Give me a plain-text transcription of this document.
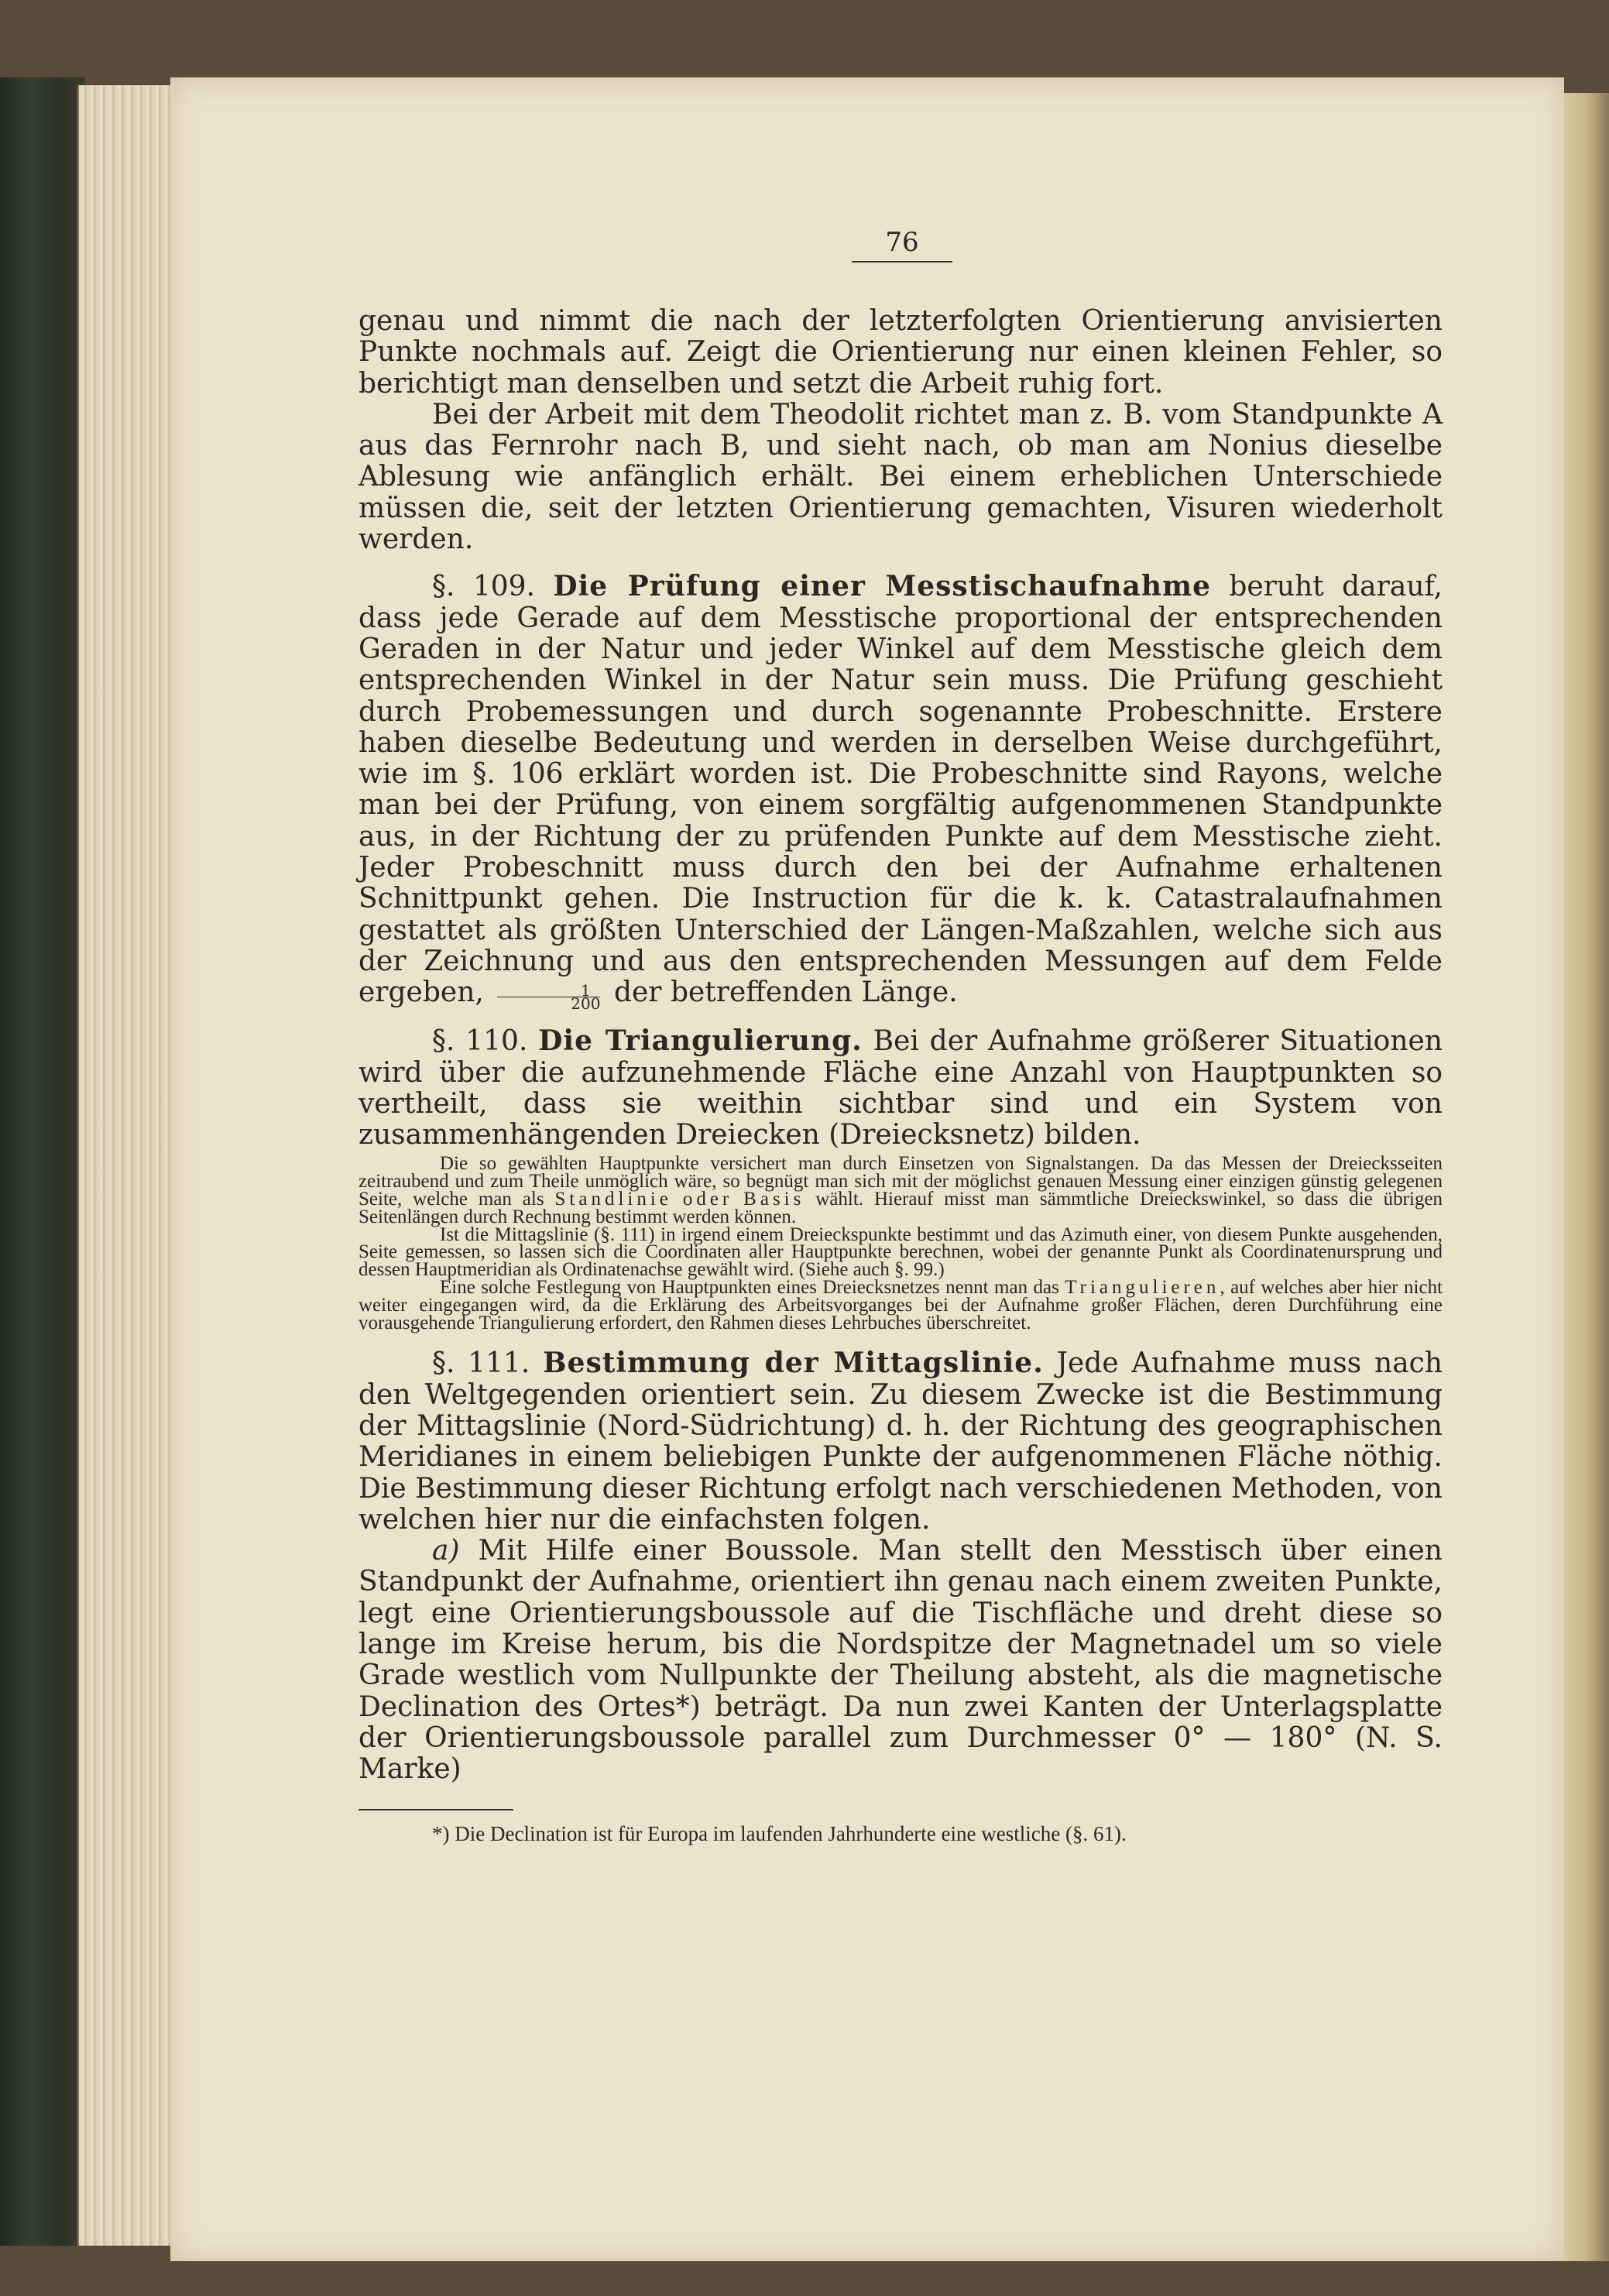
76

genau und nimmt die nach der letzterfolgten Orientierung anvisierten Punkte nochmals auf. Zeigt die Orientierung nur einen kleinen Fehler, so berichtigt man denselben und setzt die Arbeit ruhig fort.

Bei der Arbeit mit dem Theodolit richtet man z. B. vom Standpunkte A aus das Fernrohr nach B, und sieht nach, ob man am Nonius dieselbe Ablesung wie anfänglich erhält. Bei einem erheblichen Unterschiede müssen die, seit der letzten Orientierung gemachten, Visuren wiederholt werden.

§. 109. Die Prüfung einer Messtischaufnahme beruht darauf, dass jede Gerade auf dem Messtische proportional der entsprechenden Geraden in der Natur und jeder Winkel auf dem Messtische gleich dem entsprechenden Winkel in der Natur sein muss. Die Prüfung geschieht durch Probemessungen und durch sogenannte Probeschnitte. Erstere haben dieselbe Bedeutung und werden in derselben Weise durchgeführt, wie im §. 106 erklärt worden ist. Die Probeschnitte sind Rayons, welche man bei der Prüfung, von einem sorgfältig aufgenommenen Standpunkte aus, in der Richtung der zu prüfenden Punkte auf dem Messtische zieht. Jeder Probeschnitt muss durch den bei der Aufnahme erhaltenen Schnittpunkt gehen. Die Instruction für die k. k. Catastralaufnahmen gestattet als größten Unterschied der Längen-Maßzahlen, welche sich aus der Zeichnung und aus den entsprechenden Messungen auf dem Felde ergeben, $\frac{1}{200}$ der betreffenden Länge.

§. 110. Die Triangulierung. Bei der Aufnahme größerer Situationen wird über die aufzunehmende Fläche eine Anzahl von Hauptpunkten so vertheilt, dass sie weithin sichtbar sind und ein System von zusammenhängenden Dreiecken (Dreiecksnetz) bilden.

Die so gewählten Hauptpunkte versichert man durch Einsetzen von Signalstangen. Da das Messen der Dreiecksseiten zeitraubend und zum Theile unmöglich wäre, so begnügt man sich mit der möglichst genauen Messung einer einzigen günstig gelegenen Seite, welche man als Standlinie oder Basis wählt. Hierauf misst man sämmtliche Dreieckswinkel, so dass die übrigen Seitenlängen durch Rechnung bestimmt werden können.

Ist die Mittagslinie (§. 111) in irgend einem Dreieckspunkte bestimmt und das Azimuth einer, von diesem Punkte ausgehenden, Seite gemessen, so lassen sich die Coordinaten aller Hauptpunkte berechnen, wobei der genannte Punkt als Coordinatenursprung und dessen Hauptmeridian als Ordinatenachse gewählt wird. (Siehe auch §. 99.)

Eine solche Festlegung von Hauptpunkten eines Dreiecksnetzes nennt man das Triangulieren, auf welches aber hier nicht weiter eingegangen wird, da die Erklärung des Arbeitsvorganges bei der Aufnahme großer Flächen, deren Durchführung eine vorausgehende Triangulierung erfordert, den Rahmen dieses Lehrbuches überschreitet.

§. 111. Bestimmung der Mittagslinie. Jede Aufnahme muss nach den Weltgegenden orientiert sein. Zu diesem Zwecke ist die Bestimmung der Mittagslinie (Nord-Südrichtung) d. h. der Richtung des geographischen Meridianes in einem beliebigen Punkte der aufgenommenen Fläche nöthig. Die Bestimmung dieser Richtung erfolgt nach verschiedenen Methoden, von welchen hier nur die einfachsten folgen.

a) Mit Hilfe einer Boussole. Man stellt den Messtisch über einen Standpunkt der Aufnahme, orientiert ihn genau nach einem zweiten Punkte, legt eine Orientierungsboussole auf die Tischfläche und dreht diese so lange im Kreise herum, bis die Nordspitze der Magnetnadel um so viele Grade westlich vom Nullpunkte der Theilung absteht, als die magnetische Declination des Ortes*) beträgt. Da nun zwei Kanten der Unterlagsplatte der Orientierungsboussole parallel zum Durchmesser 0° — 180° (N. S. Marke)

*) Die Declination ist für Europa im laufenden Jahrhunderte eine westliche (§. 61).
